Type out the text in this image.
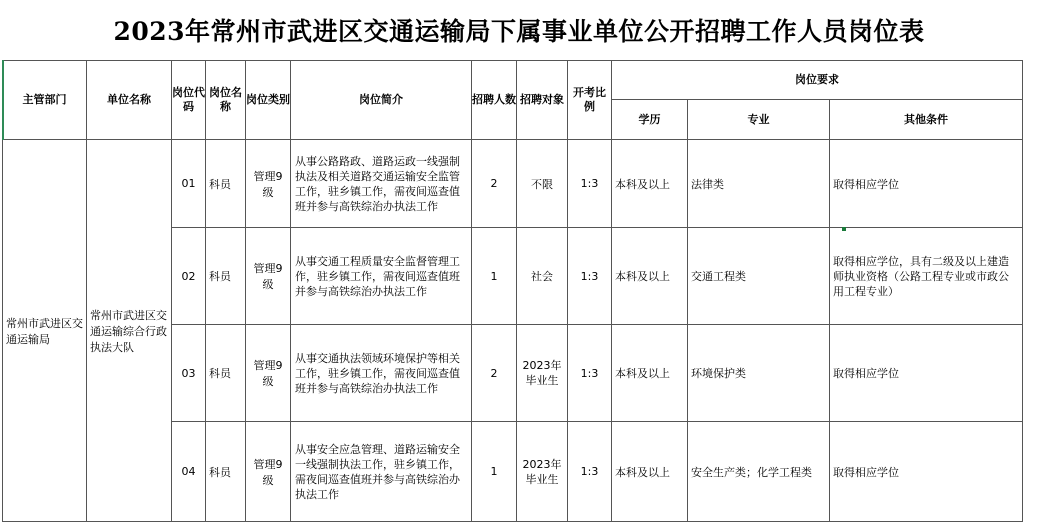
2023年常州市武进区交通运输局下属事业单位公开招聘工作人员岗位表
主管部门	单位名称	岗位代码	岗位名称	岗位类别	岗位简介	招聘人数	招聘对象	开考比例	岗位要求		
									学历	专业	其他条件
常州市武进区交通运输局	常州市武进区交通运输综合行政执法大队	01	科员	管理9级	从事公路路政、道路运政一线强制执法及相关道路交通运输安全监管工作，驻乡镇工作，需夜间巡查值班并参与高铁综治办执法工作	2	不限	1:3	本科及以上	法律类	取得相应学位
		02	科员	管理9级	从事交通工程质量安全监督管理工作，驻乡镇工作，需夜间巡查值班并参与高铁综治办执法工作	1	社会	1:3	本科及以上	交通工程类	取得相应学位，具有二级及以上建造师执业资格（公路工程专业或市政公用工程专业）
		03	科员	管理9级	从事交通执法领域环境保护等相关工作，驻乡镇工作，需夜间巡查值班并参与高铁综治办执法工作	2	2023年毕业生	1:3	本科及以上	环境保护类	取得相应学位
		04	科员	管理9级	从事安全应急管理、道路运输安全一线强制执法工作，驻乡镇工作，需夜间巡查值班并参与高铁综治办执法工作	1	2023年毕业生	1:3	本科及以上	安全生产类；化学工程类	取得相应学位
